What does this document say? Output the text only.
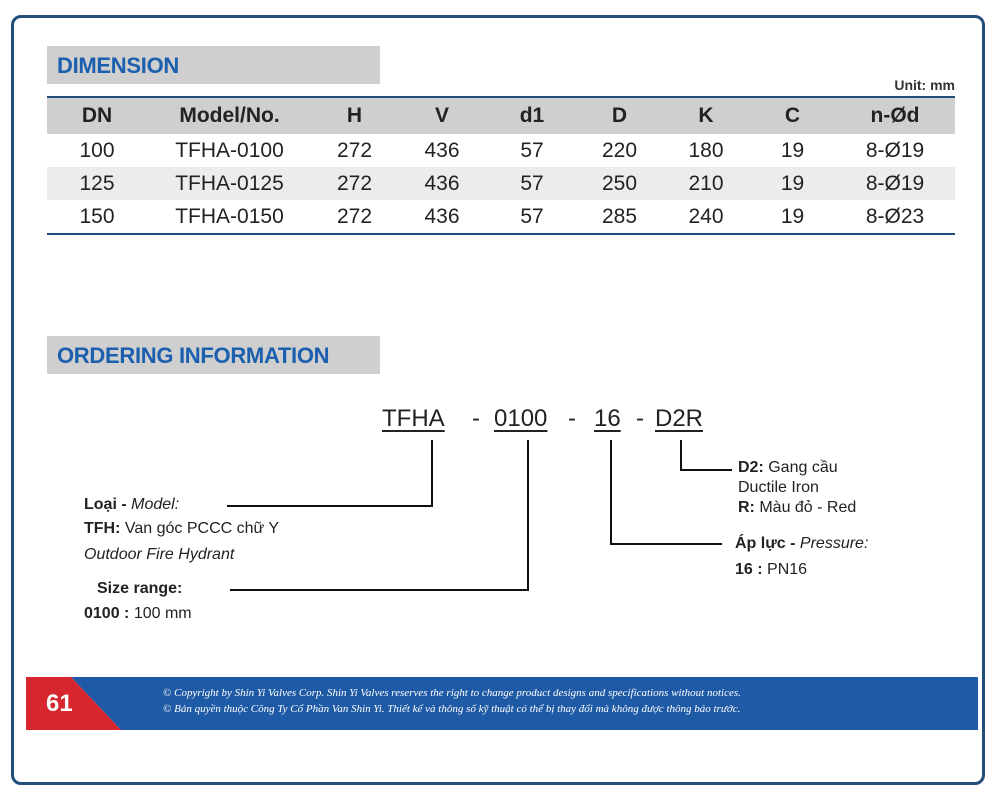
DIMENSION
Unit: mm
DN	Model/No.	H	V	d1	D	K	C	n-Ød
100	TFHA-0100	272	436	57	220	180	19	8-Ø19
125	TFHA-0125	272	436	57	250	210	19	8-Ø19
150	TFHA-0150	272	436	57	285	240	19	8-Ø23
ORDERING INFORMATION
TFHA - 0100 - 16 - D2R
Loại - Model:
TFH: Van góc PCCC chữ Y
Outdoor Fire Hydrant
Size range:
0100 : 100 mm
D2: Gang cầu
Ductile Iron
R: Màu đỏ - Red
Áp lực - Pressure:
16 : PN16
61	© Copyright by Shin Yi Valves Corp. Shin Yi Valves reserves the right to change product designs and specifications without notices.
© Bản quyền thuộc Công Ty Cổ Phần Van Shin Yi. Thiết kế và thông số kỹ thuật có thể bị thay đổi mà không được thông báo trước.
